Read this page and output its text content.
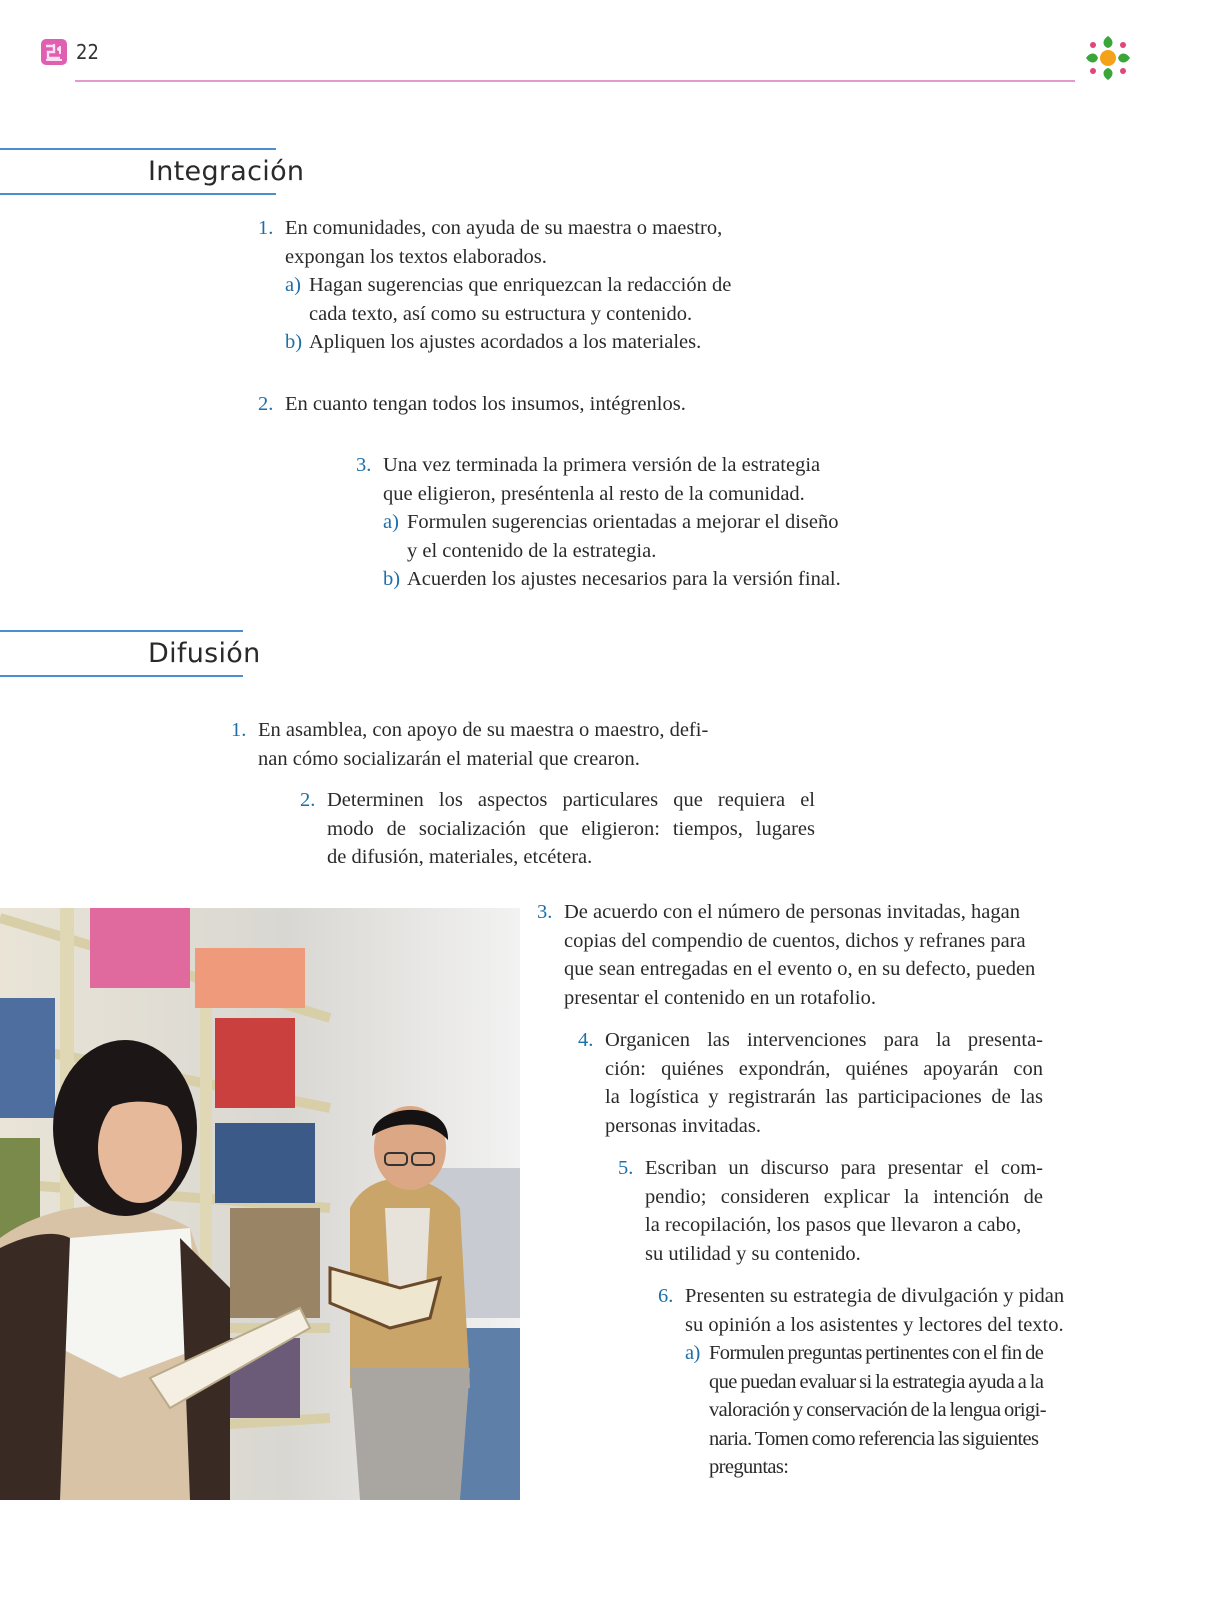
22
Integración
1. En comunidades, con ayuda de su maestra o maestro,
expongan los textos elaborados.
a) Hagan sugerencias que enriquezcan la redacción de
cada texto, así como su estructura y contenido.
b) Apliquen los ajustes acordados a los materiales.
2. En cuanto tengan todos los insumos, intégrenlos.
3. Una vez terminada la primera versión de la estrategia
que eligieron, preséntenla al resto de la comunidad.
a) Formulen sugerencias orientadas a mejorar el diseño
y el contenido de la estrategia.
b) Acuerden los ajustes necesarios para la versión final.
Difusión
1. En asamblea, con apoyo de su maestra o maestro, defi-
nan cómo socializarán el material que crearon.
2. Determinen los aspectos particulares que requiera el
modo de socialización que eligieron: tiempos, lugares
de difusión, materiales, etcétera.
3. De acuerdo con el número de personas invitadas, hagan
copias del compendio de cuentos, dichos y refranes para
que sean entregadas en el evento o, en su defecto, pueden
presentar el contenido en un rotafolio.
4. Organicen las intervenciones para la presenta-
ción: quiénes expondrán, quiénes apoyarán con
la logística y registrarán las participaciones de las
personas invitadas.
5. Escriban un discurso para presentar el com-
pendio; consideren explicar la intención de
la recopilación, los pasos que llevaron a cabo,
su utilidad y su contenido.
6. Presenten su estrategia de divulgación y pidan
su opinión a los asistentes y lectores del texto.
a) Formulen preguntas pertinentes con el fin de
que puedan evaluar si la estrategia ayuda a la
valoración y conservación de la lengua origi-
naria. Tomen como referencia las siguientes
preguntas:
